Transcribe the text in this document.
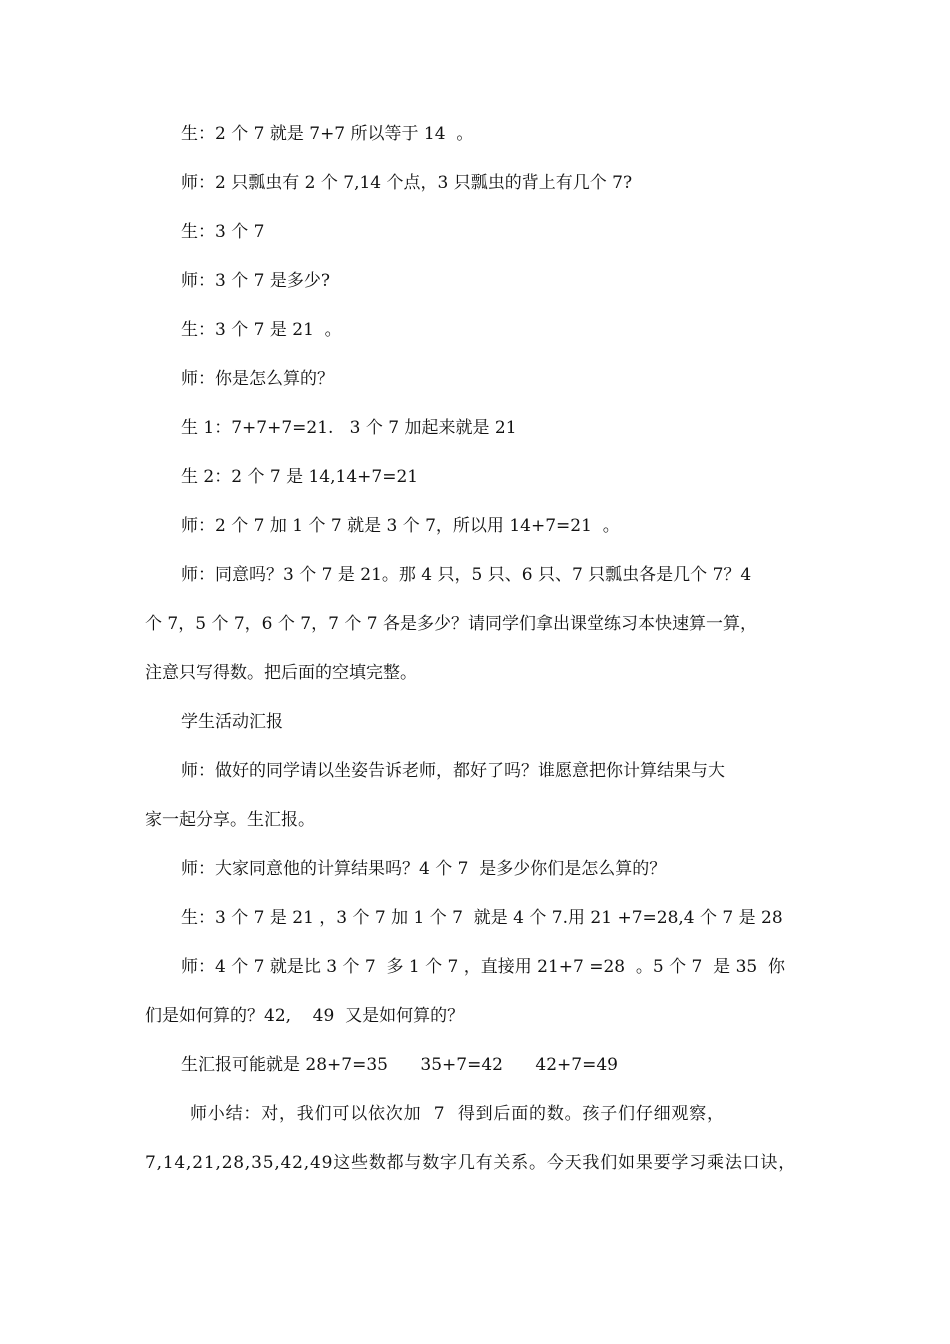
生：2 个 7 就是 7+7 所以等于 14  。
师：2 只瓢虫有 2 个 7,14 个点，3 只瓢虫的背上有几个 7?
生：3 个 7
师：3 个 7 是多少?
生：3 个 7 是 21  。
师：你是怎么算的？
生 1：7+7+7=21.   3 个 7 加起来就是 21
生 2：2 个 7 是 14,14+7=21
师：2 个 7 加 1 个 7 就是 3 个 7，所以用 14+7=21  。
师：同意吗？3 个 7 是 21。那 4 只，5 只、6 只、7 只瓢虫各是几个 7？4
个 7，5 个 7，6 个 7，7 个 7 各是多少？请同学们拿出课堂练习本快速算一算，
注意只写得数。把后面的空填完整。
学生活动汇报
师：做好的同学请以坐姿告诉老师，都好了吗？谁愿意把你计算结果与大
家一起分享。生汇报。
师：大家同意他的计算结果吗？4 个 7  是多少你们是怎么算的？
生：3 个 7 是 21 ，3 个 7 加 1 个 7  就是 4 个 7.用 21 +7=28,4 个 7 是 28
师：4 个 7 就是比 3 个 7  多 1 个 7 ，直接用 21+7 =28  。5 个 7  是 35  你
们是如何算的？42,    49  又是如何算的？
生汇报可能就是 28+7=35      35+7=42      42+7=49
师小结：对，我们可以依次加  7  得到后面的数。孩子们仔细观察，
7,14,21,28,35,42,49这些数都与数字几有关系。今天我们如果要学习乘法口诀，
